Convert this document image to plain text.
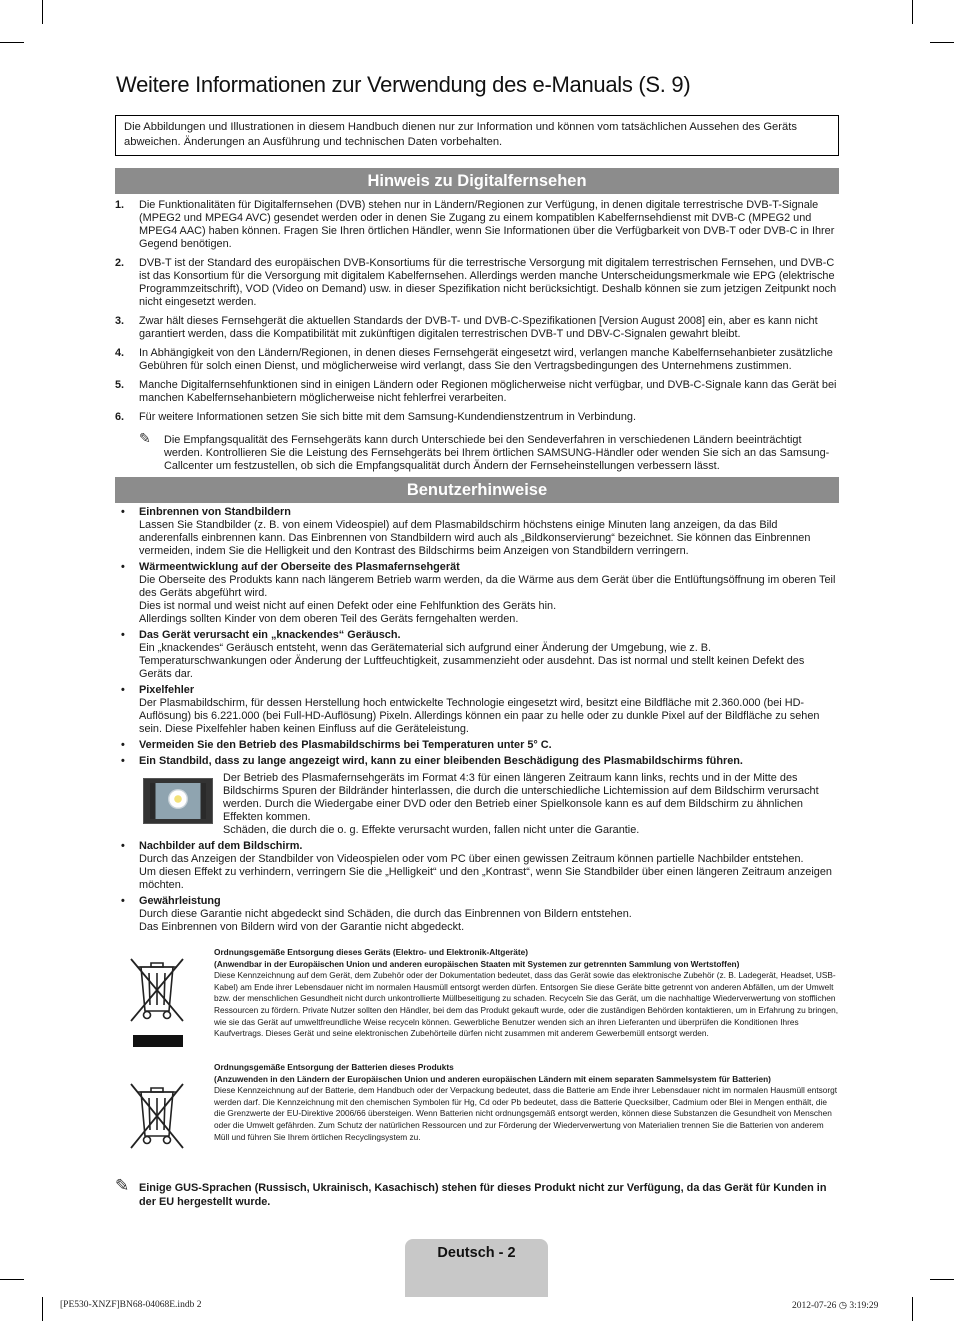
Weitere Informationen zur Verwendung des e-Manuals (S. 9)
Die Abbildungen und Illustrationen in diesem Handbuch dienen nur zur Information und können vom tatsächlichen Aussehen des Geräts abweichen. Änderungen an Ausführung und technischen Daten vorbehalten.
Hinweis zu Digitalfernsehen
1. Die Funktionalitäten für Digitalfernsehen (DVB) stehen nur in Ländern/Regionen zur Verfügung, in denen digitale terrestrische DVB-T-Signale (MPEG2 und MPEG4 AVC) gesendet werden oder in denen Sie Zugang zu einem kompatiblen Kabelfernsehdienst mit DVB-C (MPEG2 und MPEG4 AAC) haben können. Fragen Sie Ihren örtlichen Händler, wenn Sie Informationen über die Verfügbarkeit von DVB-T oder DVB-C in Ihrer Gegend benötigen.
2. DVB-T ist der Standard des europäischen DVB-Konsortiums für die terrestrische Versorgung mit digitalem terrestrischen Fernsehen, und DVB-C ist das Konsortium für die Versorgung mit digitalem Kabelfernsehen. Allerdings werden manche Unterscheidungsmerkmale wie EPG (elektrische Programmzeitschrift), VOD (Video on Demand) usw. in dieser Spezifikation nicht berücksichtigt. Deshalb können sie zum jetzigen Zeitpunkt noch nicht eingesetzt werden.
3. Zwar hält dieses Fernsehgerät die aktuellen Standards der DVB-T- und DVB-C-Spezifikationen [Version August 2008] ein, aber es kann nicht garantiert werden, dass die Kompatibilität mit zukünftigen digitalen terrestrischen DVB-T und DBV-C-Signalen gewahrt bleibt.
4. In Abhängigkeit von den Ländern/Regionen, in denen dieses Fernsehgerät eingesetzt wird, verlangen manche Kabelfernsehanbieter zusätzliche Gebühren für solch einen Dienst, und möglicherweise wird verlangt, dass Sie den Vertragsbedingungen des Unternehmens zustimmen.
5. Manche Digitalfernsehfunktionen sind in einigen Ländern oder Regionen möglicherweise nicht verfügbar, und DVB-C-Signale kann das Gerät bei manchen Kabelfernsehanbietern möglicherweise nicht fehlerfrei verarbeiten.
6. Für weitere Informationen setzen Sie sich bitte mit dem Samsung-Kundendienstzentrum in Verbindung.
✎ Die Empfangsqualität des Fernsehgeräts kann durch Unterschiede bei den Sendeverfahren in verschiedenen Ländern beeinträchtigt werden. Kontrollieren Sie die Leistung des Fernsehgeräts bei Ihrem örtlichen SAMSUNG-Händler oder wenden Sie sich an das Samsung-Callcenter um festzustellen, ob sich die Empfangsqualität durch Ändern der Fernseheinstellungen verbessern lässt.
Benutzerhinweise
• Einbrennen von Standbildern
Lassen Sie Standbilder (z. B. von einem Videospiel) auf dem Plasmabildschirm höchstens einige Minuten lang anzeigen, da das Bild anderenfalls einbrennen kann. Das Einbrennen von Standbildern wird auch als „Bildkonservierung“ bezeichnet. Sie können das Einbrennen vermeiden, indem Sie die Helligkeit und den Kontrast des Bildschirms beim Anzeigen von Standbildern verringern.
• Wärmeentwicklung auf der Oberseite des Plasmafernsehgerät
Die Oberseite des Produkts kann nach längerem Betrieb warm werden, da die Wärme aus dem Gerät über die Entlüftungsöffnung im oberen Teil des Geräts abgeführt wird.
Dies ist normal und weist nicht auf einen Defekt oder eine Fehlfunktion des Geräts hin.
Allerdings sollten Kinder von dem oberen Teil des Geräts ferngehalten werden.
• Das Gerät verursacht ein „knackendes“ Geräusch.
Ein „knackendes“ Geräusch entsteht, wenn das Gerätematerial sich aufgrund einer Änderung der Umgebung, wie z. B. Temperaturschwankungen oder Änderung der Luftfeuchtigkeit, zusammenzieht oder ausdehnt. Das ist normal und stellt keinen Defekt des Geräts dar.
• Pixelfehler
Der Plasmabildschirm, für dessen Herstellung hoch entwickelte Technologie eingesetzt wird, besitzt eine Bildfläche mit 2.360.000 (bei HD-Auflösung) bis 6.221.000 (bei Full-HD-Auflösung) Pixeln. Allerdings können ein paar zu helle oder zu dunkle Pixel auf der Bildfläche zu sehen sein. Diese Pixelfehler haben keinen Einfluss auf die Geräteleistung.
• Vermeiden Sie den Betrieb des Plasmabildschirms bei Temperaturen unter 5° C.
• Ein Standbild, dass zu lange angezeigt wird, kann zu einer bleibenden Beschädigung des Plasmabildschirms führen.
Der Betrieb des Plasmafernsehgeräts im Format 4:3 für einen längeren Zeitraum kann links, rechts und in der Mitte des Bildschirms Spuren der Bildränder hinterlassen, die durch die unterschiedliche Lichtemission auf dem Bildschirm verursacht werden. Durch die Wiedergabe einer DVD oder den Betrieb einer Spielkonsole kann es auf dem Bildschirm zu ähnlichen Effekten kommen.
Schäden, die durch die o. g. Effekte verursacht wurden, fallen nicht unter die Garantie.
• Nachbilder auf dem Bildschirm.
Durch das Anzeigen der Standbilder von Videospielen oder vom PC über einen gewissen Zeitraum können partielle Nachbilder entstehen.
Um diesen Effekt zu verhindern, verringern Sie die „Helligkeit“ und den „Kontrast“, wenn Sie Standbilder über einen längeren Zeitraum anzeigen möchten.
• Gewährleistung
Durch diese Garantie nicht abgedeckt sind Schäden, die durch das Einbrennen von Bildern entstehen.
Das Einbrennen von Bildern wird von der Garantie nicht abgedeckt.
Ordnungsgemäße Entsorgung dieses Geräts (Elektro- und Elektronik-Altgeräte)
(Anwendbar in der Europäischen Union und anderen europäischen Staaten mit Systemen zur getrennten Sammlung von Wertstoffen)
Diese Kennzeichnung auf dem Gerät, dem Zubehör oder der Dokumentation bedeutet, dass das Gerät sowie das elektronische Zubehör (z. B. Ladegerät, Headset, USB-Kabel) am Ende ihrer Lebensdauer nicht im normalen Hausmüll entsorgt werden dürfen. Entsorgen Sie diese Geräte bitte getrennt von anderen Abfällen, um der Umwelt bzw. der menschlichen Gesundheit nicht durch unkontrollierte Müllbeseitigung zu schaden. Recyceln Sie das Gerät, um die nachhaltige Wiederverwertung von stofflichen Ressourcen zu fördern. Private Nutzer sollten den Händler, bei dem das Produkt gekauft wurde, oder die zuständigen Behörden kontaktieren, um in Erfahrung zu bringen, wie sie das Gerät auf umweltfreundliche Weise recyceln können. Gewerbliche Benutzer wenden sich an ihren Lieferanten und überprüfen die Konditionen Ihres Kaufvertrags. Dieses Gerät und seine elektronischen Zubehörteile dürfen nicht zusammen mit anderem Gewerbemüll entsorgt werden.
Ordnungsgemäße Entsorgung der Batterien dieses Produkts
(Anzuwenden in den Ländern der Europäischen Union und anderen europäischen Ländern mit einem separaten Sammelsystem für Batterien)
Diese Kennzeichnung auf der Batterie, dem Handbuch oder der Verpackung bedeutet, dass die Batterie am Ende ihrer Lebensdauer nicht im normalen Hausmüll entsorgt werden darf. Die Kennzeichnung mit den chemischen Symbolen für Hg, Cd oder Pb bedeutet, dass die Batterie Quecksilber, Cadmium oder Blei in Mengen enthält, die die Grenzwerte der EU-Direktive 2006/66 übersteigen. Wenn Batterien nicht ordnungsgemäß entsorgt werden, können diese Substanzen die Gesundheit von Menschen oder die Umwelt gefährden. Zum Schutz der natürlichen Ressourcen und zur Förderung der Wiederverwertung von Materialien trennen Sie die Batterien von anderem Müll und führen Sie Ihrem örtlichen Recyclingsystem zu.
✎ Einige GUS-Sprachen (Russisch, Ukrainisch, Kasachisch) stehen für dieses Produkt nicht zur Verfügung, da das Gerät für Kunden in der EU hergestellt wurde.
Deutsch - 2
[PE530-XNZF]BN68-04068E.indb 2	2012-07-26 ◷ 3:19:29
